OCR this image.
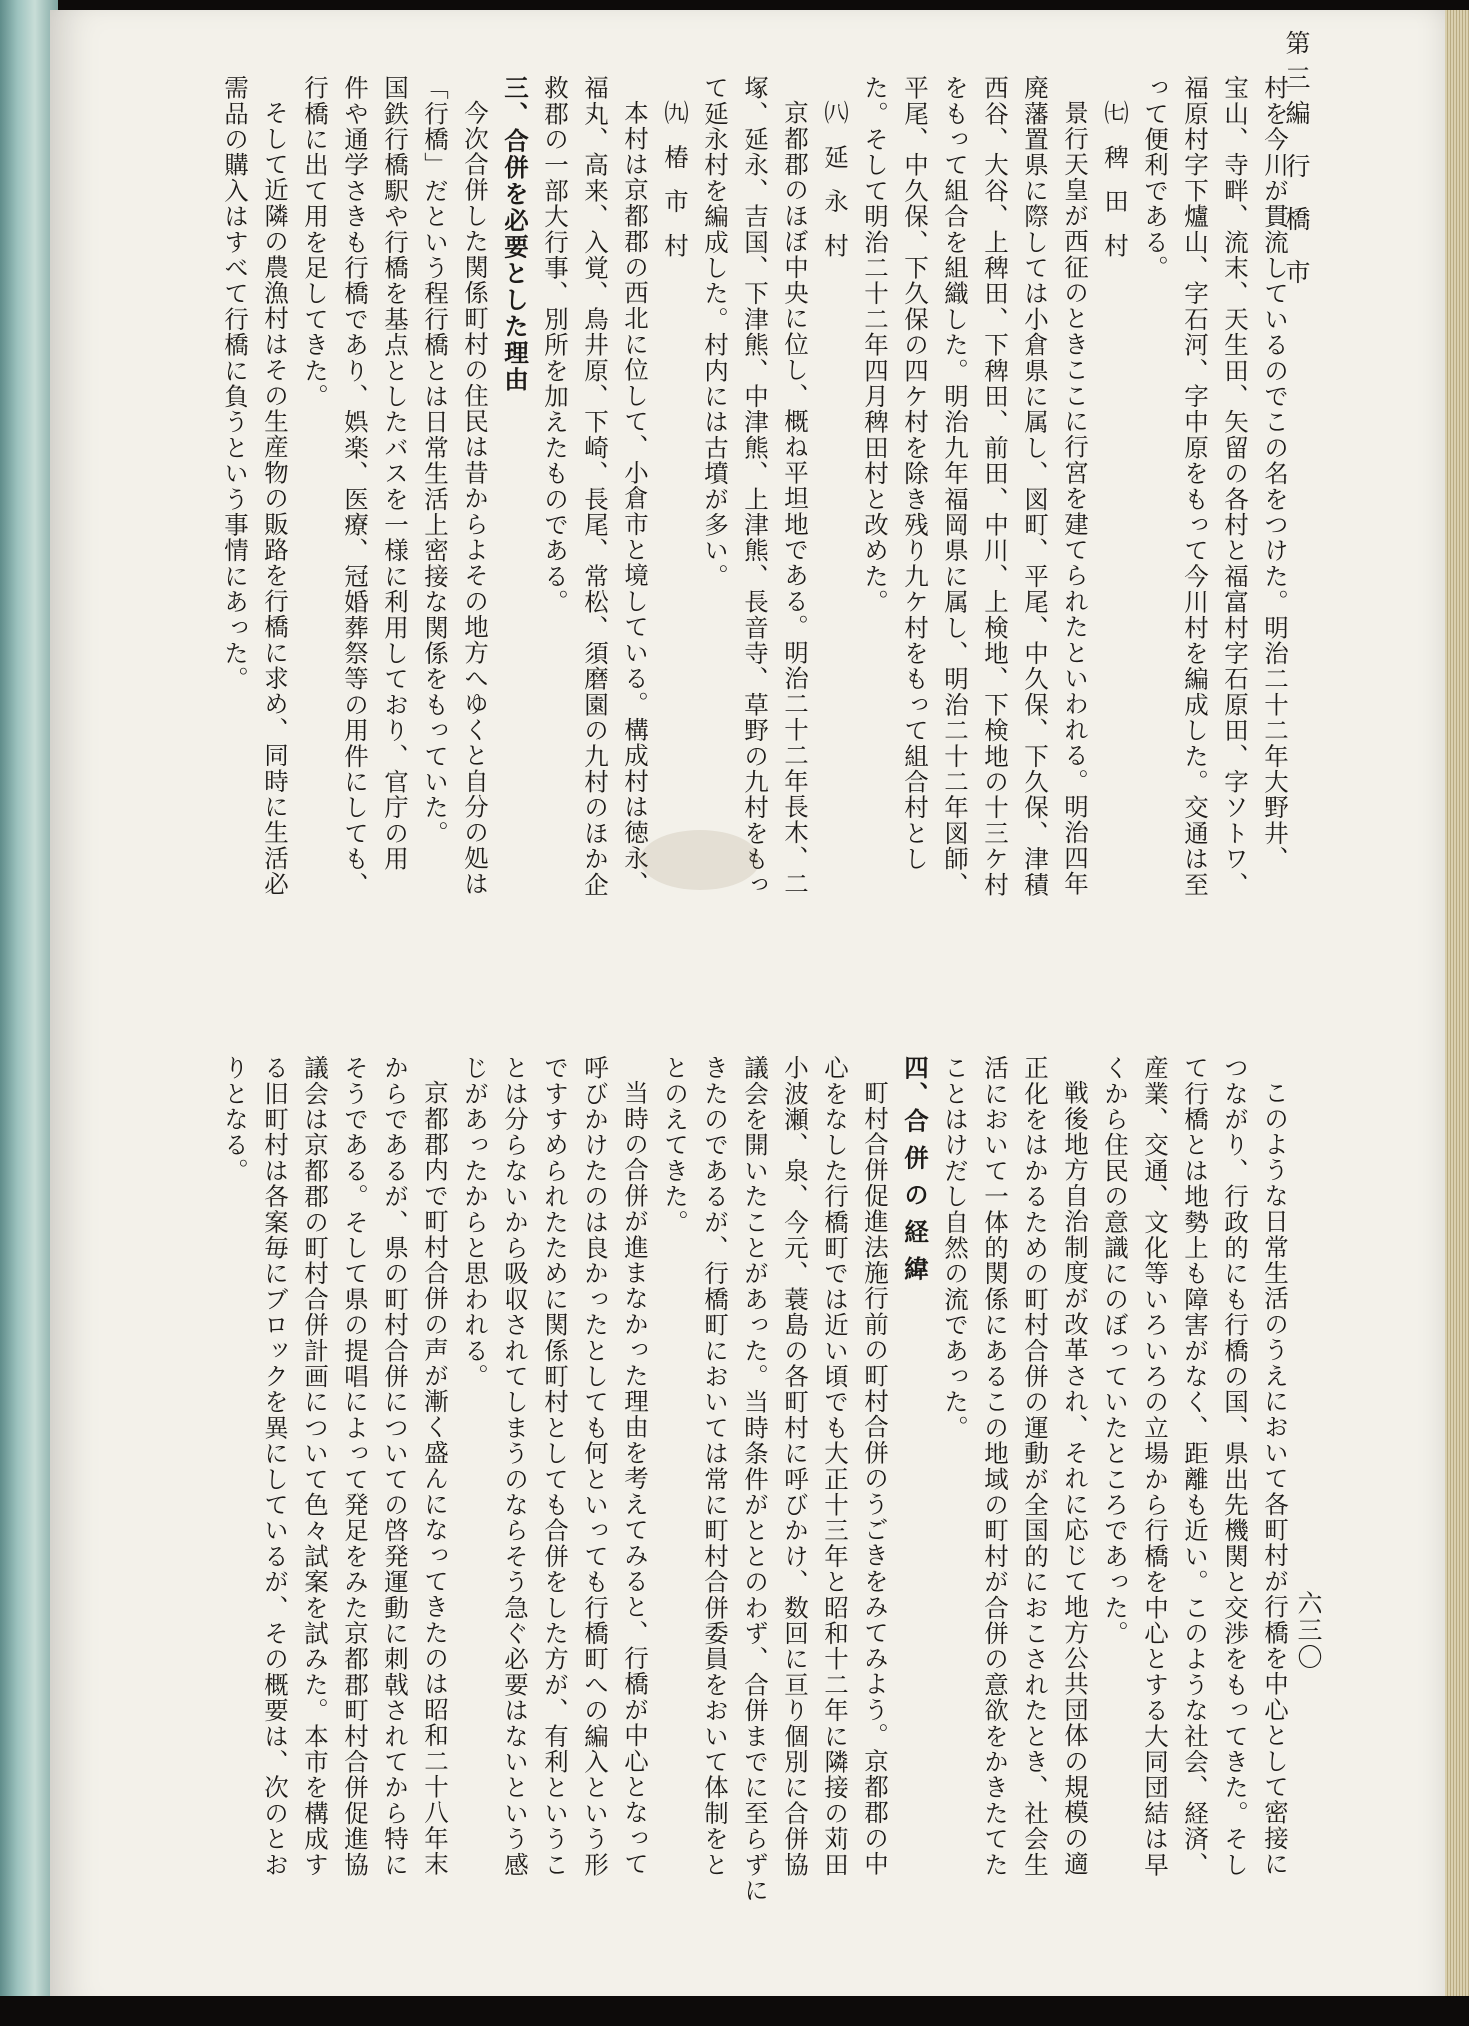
第三編 行 橋 市

村を今川が貫流しているのでこの名をつけた。明治二十二年大野井、

宝山、寺畔、流末、天生田、矢留の各村と福富村字石原田、字ソトワ、

福原村字下爐山、字石河、字中原をもって今川村を編成した。交通は至

って便利である。

㈦ 稗 田 村

景行天皇が西征のときここに行宮を建てられたといわれる。明治四年

廃藩置県に際しては小倉県に属し、図町、平尾、中久保、下久保、津積

西谷、大谷、上稗田、下稗田、前田、中川、上検地、下検地の十三ケ村

をもって組合を組織した。明治九年福岡県に属し、明治二十二年図師、

平尾、中久保、下久保の四ケ村を除き残り九ケ村をもって組合村とし

た。そして明治二十二年四月稗田村と改めた。

㈧ 延 永 村

京都郡のほぼ中央に位し、概ね平坦地である。明治二十二年長木、二

塚、延永、吉国、下津熊、中津熊、上津熊、長音寺、草野の九村をもっ

て延永村を編成した。村内には古墳が多い。

㈨ 椿 市 村

本村は京都郡の西北に位して、小倉市と境している。構成村は徳永、

福丸、高来、入覚、鳥井原、下崎、長尾、常松、須磨園の九村のほか企

救郡の一部大行事、別所を加えたものである。

三、合併を必要とした理由

今次合併した関係町村の住民は昔からよその地方へゆくと自分の処は

「行橋」だという程行橋とは日常生活上密接な関係をもっていた。

国鉄行橋駅や行橋を基点としたバスを一様に利用しており、官庁の用

件や通学さきも行橋であり、娯楽、医療、冠婚葬祭等の用件にしても、

行橋に出て用を足してきた。

そして近隣の農漁村はその生産物の販路を行橋に求め、同時に生活必

需品の購入はすべて行橋に負うという事情にあった。

このような日常生活のうえにおいて各町村が行橋を中心として密接に

つながり、行政的にも行橋の国、県出先機関と交渉をもってきた。そし

て行橋とは地勢上も障害がなく、距離も近い。このような社会、経済、

産業、交通、文化等いろいろの立場から行橋を中心とする大同団結は早

くから住民の意識にのぼっていたところであった。

戦後地方自治制度が改革され、それに応じて地方公共団体の規模の適

正化をはかるための町村合併の運動が全国的におこされたとき、社会生

活において一体的関係にあるこの地域の町村が合併の意欲をかきたてた

ことはけだし自然の流であった。

四、合 併 の 経 緯

町村合併促進法施行前の町村合併のうごきをみてみよう。京都郡の中

心をなした行橋町では近い頃でも大正十三年と昭和十二年に隣接の苅田

小波瀬、泉、今元、蓑島の各町村に呼びかけ、数回に亘り個別に合併協

議会を開いたことがあった。当時条件がととのわず、合併までに至らずに

きたのであるが、行橋町においては常に町村合併委員をおいて体制をと

とのえてきた。

当時の合併が進まなかった理由を考えてみると、行橋が中心となって

呼びかけたのは良かったとしても何といっても行橋町への編入という形

ですすめられたために関係町村としても合併をした方が、有利というこ

とは分らないから吸収されてしまうのならそう急ぐ必要はないという感

じがあったからと思われる。

京都郡内で町村合併の声が漸く盛んになってきたのは昭和二十八年末

からであるが、県の町村合併についての啓発運動に刺戟されてから特に

そうである。そして県の提唱によって発足をみた京都郡町村合併促進協

議会は京都郡の町村合併計画について色々試案を試みた。本市を構成す

る旧町村は各案毎にブロックを異にしているが、その概要は、次のとお

りとなる。

六三〇
